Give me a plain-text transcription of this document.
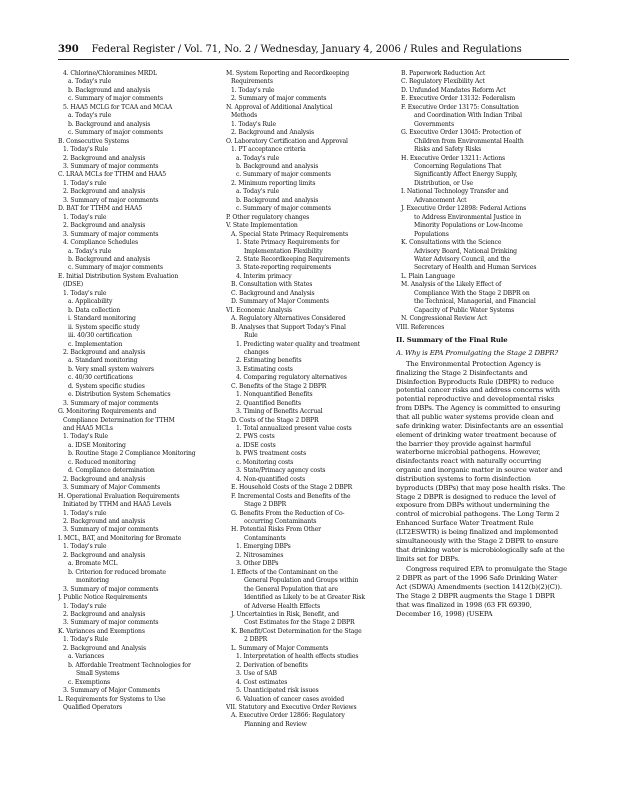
390 Federal Register / Vol. 71, No. 2 / Wednesday, January 4, 2006 / Rules and Regulations
4. Chlorine/Chloramines MRDL
a. Today's rule
b. Background and analysis
c. Summary of major comments
5. HAA5 MCLG for TCAA and MCAA
a. Today's rule
b. Background and analysis
c. Summary of major comments
B. Consecutive Systems
1. Today's Rule
2. Background and analysis
3. Summary of major comments
C. LRAA MCLs for TTHM and HAA5
1. Today's rule
2. Background and analysis
3. Summary of major comments
D. BAT for TTHM and HAA5
1. Today's rule
2. Background and analysis
3. Summary of major comments
4. Compliance Schedules
a. Today's rule
b. Background and analysis
c. Summary of major comments
E. Initial Distribution System Evaluation
(IDSE)
1. Today's rule
a. Applicability
b. Data collection
i. Standard monitoring
ii. System specific study
iii. 40/30 certification
c. Implementation
2. Background and analysis
a. Standard monitoring
b. Very small system waivers
c. 40/30 certifications
d. System specific studies
e. Distribution System Schematics
3. Summary of major comments
G. Monitoring Requirements and
Compliance Determination for TTHM
and HAA5 MCLs
1. Today's Rule
a. IDSE Monitoring
b. Routine Stage 2 Compliance Monitoring
c. Reduced monitoring
d. Compliance determination
2. Background and analysis
3. Summary of Major Comments
H. Operational Evaluation Requirements
Initiated by TTHM and HAA5 Levels
1. Today's rule
2. Background and analysis
3. Summary of major comments
I. MCL, BAT, and Monitoring for Bromate
1. Today's rule
2. Background and analysis
a. Bromate MCL
b. Criterion for reduced bromate
monitoring
3. Summary of major comments
J. Public Notice Requirements
1. Today's rule
2. Background and analysis
3. Summary of major comments
K. Variances and Exemptions
1. Today's Rule
2. Background and Analysis
a. Variances
b. Affordable Treatment Technologies for
Small Systems
c. Exemptions
3. Summary of Major Comments
L. Requirements for Systems to Use
Qualified Operators
M. System Reporting and Recordkeeping
Requirements
1. Today's rule
2. Summary of major comments
N. Approval of Additional Analytical
Methods
1. Today's Rule
2. Background and Analysis
O. Laboratory Certification and Approval
1. PT acceptance criteria
a. Today's rule
b. Background and analysis
c. Summary of major comments
2. Minimum reporting limits
a. Today's rule
b. Background and analysis
c. Summary of major comments
P. Other regulatory changes
V. State Implementation
A. Special State Primacy Requirements
1. State Primacy Requirements for
Implementation Flexibility
2. State Recordkeeping Requirements
3. State-reporting requirements
4. Interim primacy
B. Consultation with States
C. Background and Analysis
D. Summary of Major Comments
VI. Economic Analysis
A. Regulatory Alternatives Considered
B. Analyses that Support Today's Final
Rule
1. Predicting water quality and treatment
changes
2. Estimating benefits
3. Estimating costs
4. Comparing regulatory alternatives
C. Benefits of the Stage 2 DBPR
1. Nonquantified Benefits
2. Quantified Benefits
3. Timing of Benefits Accrual
D. Costs of the Stage 2 DBPR
1. Total annualized present value costs
2. PWS costs
a. IDSE costs
b. PWS treatment costs
c. Monitoring costs
3. State/Primacy agency costs
4. Non-quantified costs
E. Household Costs of the Stage 2 DBPR
F. Incremental Costs and Benefits of the
Stage 2 DBPR
G. Benefits From the Reduction of Co-
occurring Contaminants
H. Potential Risks From Other
Contaminants
1. Emerging DBPs
2. Nitrosamines
3. Other DBPs
I. Effects of the Contaminant on the
General Population and Groups within
the General Population that are
Identified as Likely to be at Greater Risk
of Adverse Health Effects
J. Uncertainties in Risk, Benefit, and
Cost Estimates for the Stage 2 DBPR
K. Benefit/Cost Determination for the Stage
2 DBPR
L. Summary of Major Comments
1. Interpretation of health effects studies
2. Derivation of benefits
3. Use of SAB
4. Cost estimates
5. Unanticipated risk issues
6. Valuation of cancer cases avoided
VII. Statutory and Executive Order Reviews
A. Executive Order 12866: Regulatory
Planning and Review
B. Paperwork Reduction Act
C. Regulatory Flexibility Act
D. Unfunded Mandates Reform Act
E. Executive Order 13132: Federalism
F. Executive Order 13175: Consultation
and Coordination With Indian Tribal
Governments
G. Executive Order 13045: Protection of
Children from Environmental Health
Risks and Safety Risks
H. Executive Order 13211: Actions
Concerning Regulations That
Significantly Affect Energy Supply,
Distribution, or Use
I. National Technology Transfer and
Advancement Act
J. Executive Order 12898: Federal Actions
to Address Environmental Justice in
Minority Populations or Low-Income
Populations
K. Consultations with the Science
Advisory Board, National Drinking
Water Advisory Council, and the
Secretary of Health and Human Services
L. Plain Language
M. Analysis of the Likely Effect of
Compliance With the Stage 2 DBPR on
the Technical, Managerial, and Financial
Capacity of Public Water Systems
N. Congressional Review Act
VIII. References
II. Summary of the Final Rule
A. Why is EPA Promulgating the Stage 2 DBPR?
The Environmental Protection Agency is finalizing the Stage 2 Disinfectants and Disinfection Byproducts Rule (DBPR) to reduce potential cancer risks and address concerns with potential reproductive and developmental risks from DBPs. The Agency is committed to ensuring that all public water systems provide clean and safe drinking water. Disinfectants are an essential element of drinking water treatment because of the barrier they provide against harmful waterborne microbial pathogens. However, disinfectants react with naturally occurring organic and inorganic matter in source water and distribution systems to form disinfection byproducts (DBPs) that may pose health risks. The Stage 2 DBPR is designed to reduce the level of exposure from DBPs without undermining the control of microbial pathogens. The Long Term 2 Enhanced Surface Water Treatment Rule (LT2ESWTR) is being finalized and implemented simultaneously with the Stage 2 DBPR to ensure that drinking water is microbiologically safe at the limits set for DBPs.
Congress required EPA to promulgate the Stage 2 DBPR as part of the 1996 Safe Drinking Water Act (SDWA) Amendments (section 1412(b)(2)(C)). The Stage 2 DBPR augments the Stage 1 DBPR that was finalized in 1998 (63 FR 69390, December 16, 1998) (USEPA
